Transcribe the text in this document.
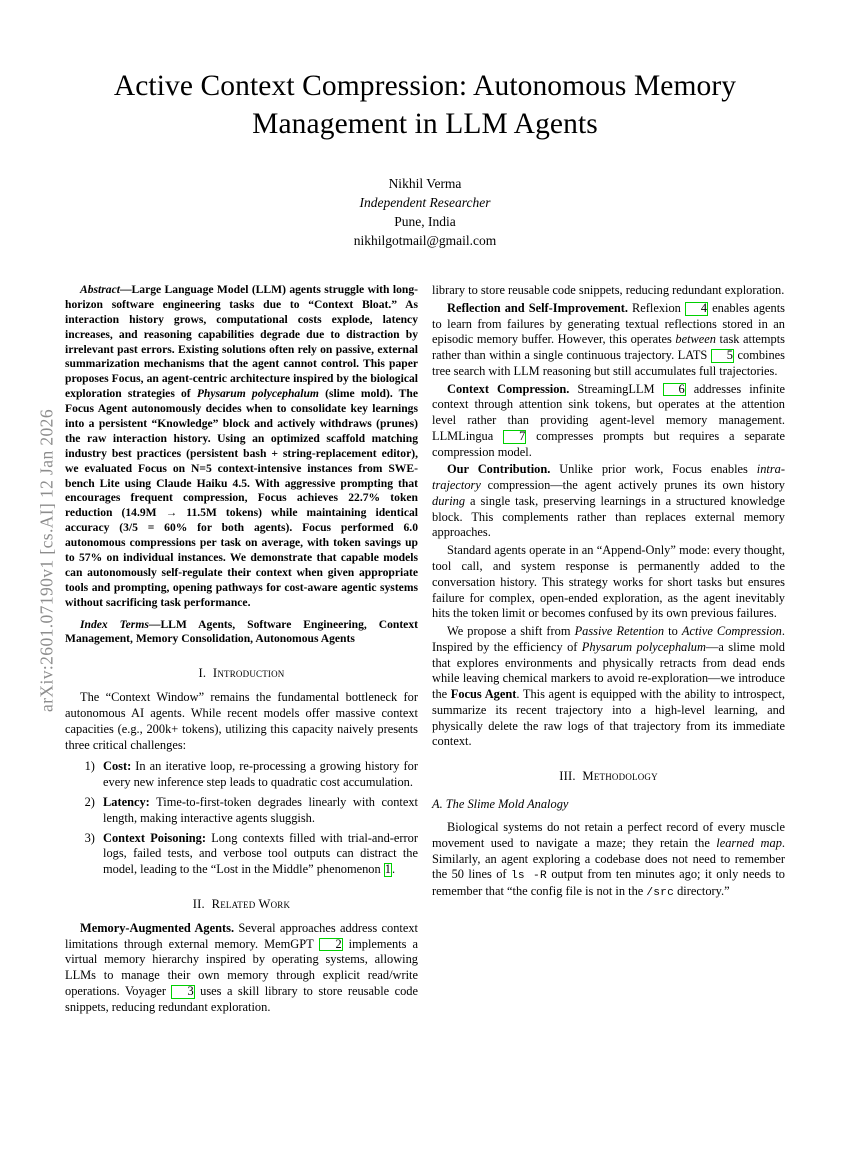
arXiv:2601.07190v1 [cs.AI] 12 Jan 2026
Active Context Compression: Autonomous Memory Management in LLM Agents
Nikhil Verma
Independent Researcher
Pune, India
nikhilgotmail@gmail.com

Abstract—Large Language Model (LLM) agents struggle with long-horizon software engineering tasks due to “Context Bloat.” As interaction history grows, computational costs explode, latency increases, and reasoning capabilities degrade due to distraction by irrelevant past errors. Existing solutions often rely on passive, external summarization mechanisms that the agent cannot control. This paper proposes Focus, an agent-centric architecture inspired by the biological exploration strategies of Physarum polycephalum (slime mold). The Focus Agent autonomously decides when to consolidate key learnings into a persistent “Knowledge” block and actively withdraws (prunes) the raw interaction history. Using an optimized scaffold matching industry best practices (persistent bash + string-replacement editor), we evaluated Focus on N=5 context-intensive instances from SWE-bench Lite using Claude Haiku 4.5. With aggressive prompting that encourages frequent compression, Focus achieves 22.7% token reduction (14.9M → 11.5M tokens) while maintaining identical accuracy (3/5 = 60% for both agents). Focus performed 6.0 autonomous compressions per task on average, with token savings up to 57% on individual instances. We demonstrate that capable models can autonomously self-regulate their context when given appropriate tools and prompting, opening pathways for cost-aware agentic systems without sacrificing task performance.

Index Terms—LLM Agents, Software Engineering, Context Management, Memory Consolidation, Autonomous Agents

I. Introduction

The “Context Window” remains the fundamental bottleneck for autonomous AI agents. While recent models offer massive context capacities (e.g., 200k+ tokens), utilizing this capacity naively presents three critical challenges:

1. Cost: In an iterative loop, re-processing a growing history for every new inference step leads to quadratic cost accumulation.
2. Latency: Time-to-first-token degrades linearly with context length, making interactive agents sluggish.
3. Context Poisoning: Long contexts filled with trial-and-error logs, failed tests, and verbose tool outputs can distract the model, leading to the “Lost in the Middle” phenomenon 1.
II. Related Work

Memory-Augmented Agents. Several approaches address context limitations through external memory. MemGPT 2 implements a virtual memory hierarchy inspired by operating systems, allowing LLMs to manage their own memory through explicit read/write operations. Voyager 3 uses a skill library to store reusable code snippets, reducing redundant exploration.

library to store reusable code snippets, reducing redundant exploration.

Reflection and Self-Improvement. Reflexion 4 enables agents to learn from failures by generating textual reflections stored in an episodic memory buffer. However, this operates between task attempts rather than within a single continuous trajectory. LATS 5 combines tree search with LLM reasoning but still accumulates full trajectories.

Context Compression. StreamingLLM 6 addresses infinite context through attention sink tokens, but operates at the attention level rather than providing agent-level memory management. LLMLingua 7 compresses prompts but requires a separate compression model.

Our Contribution. Unlike prior work, Focus enables intra-trajectory compression—the agent actively prunes its own history during a single task, preserving learnings in a structured knowledge block. This complements rather than replaces external memory approaches.

Standard agents operate in an “Append-Only” mode: every thought, tool call, and system response is permanently added to the conversation history. This strategy works for short tasks but ensures failure for complex, open-ended exploration, as the agent inevitably hits the token limit or becomes confused by its own previous failures.

We propose a shift from Passive Retention to Active Compression. Inspired by the efficiency of Physarum polycephalum—a slime mold that explores environments and physically retracts from dead ends while leaving chemical markers to avoid re-exploration—we introduce the Focus Agent. This agent is equipped with the ability to introspect, summarize its recent trajectory into a high-level learning, and physically delete the raw logs of that trajectory from its immediate context.

III. Methodology
A. The Slime Mold Analogy

Biological systems do not retain a perfect record of every muscle movement used to navigate a maze; they retain the learned map. Similarly, an agent exploring a codebase does not need to remember the 50 lines of ls -R output from ten minutes ago; it only needs to remember that “the config file is not in the /src directory.”
